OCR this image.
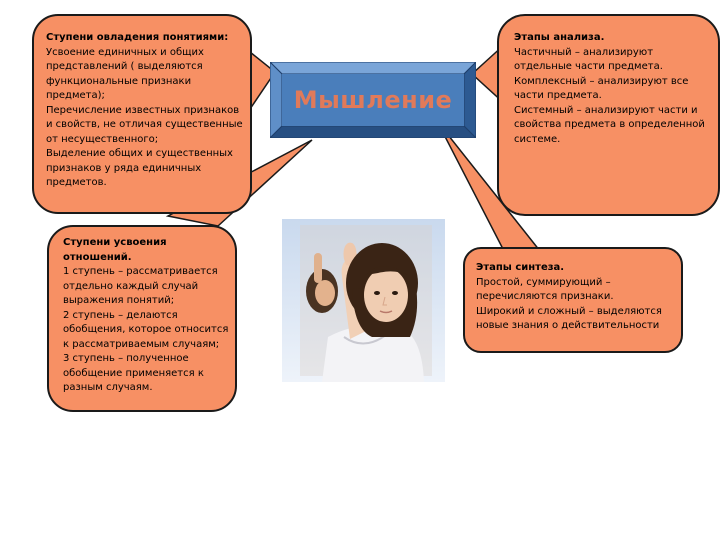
Ступени овладения понятиями:
Усвоение единичных и общих
представлений ( выделяются
функциональные признаки
предмета);
Перечисление известных признаков
и свойств, не отличая существенные
от несущественного;
Выделение общих и существенных
признаков у ряда единичных
предметов.
Этапы анализа.
Частичный – анализируют
отдельные части предмета.
Комплексный – анализируют все
части предмета.
Системный – анализируют части и
свойства предмета в определенной
системе.
Ступени усвоения отношений.
1 ступень – рассматривается
отдельно каждый случай
выражения понятий;
2 ступень – делаются
обобщения, которое относится
к рассматриваемым случаям;
3 ступень – полученное
обобщение применяется к
разным случаям.
Этапы синтеза.
Простой, суммирующий –
перечисляются признаки.
Широкий и сложный – выделяются
новые знания о действительности
Мышление
